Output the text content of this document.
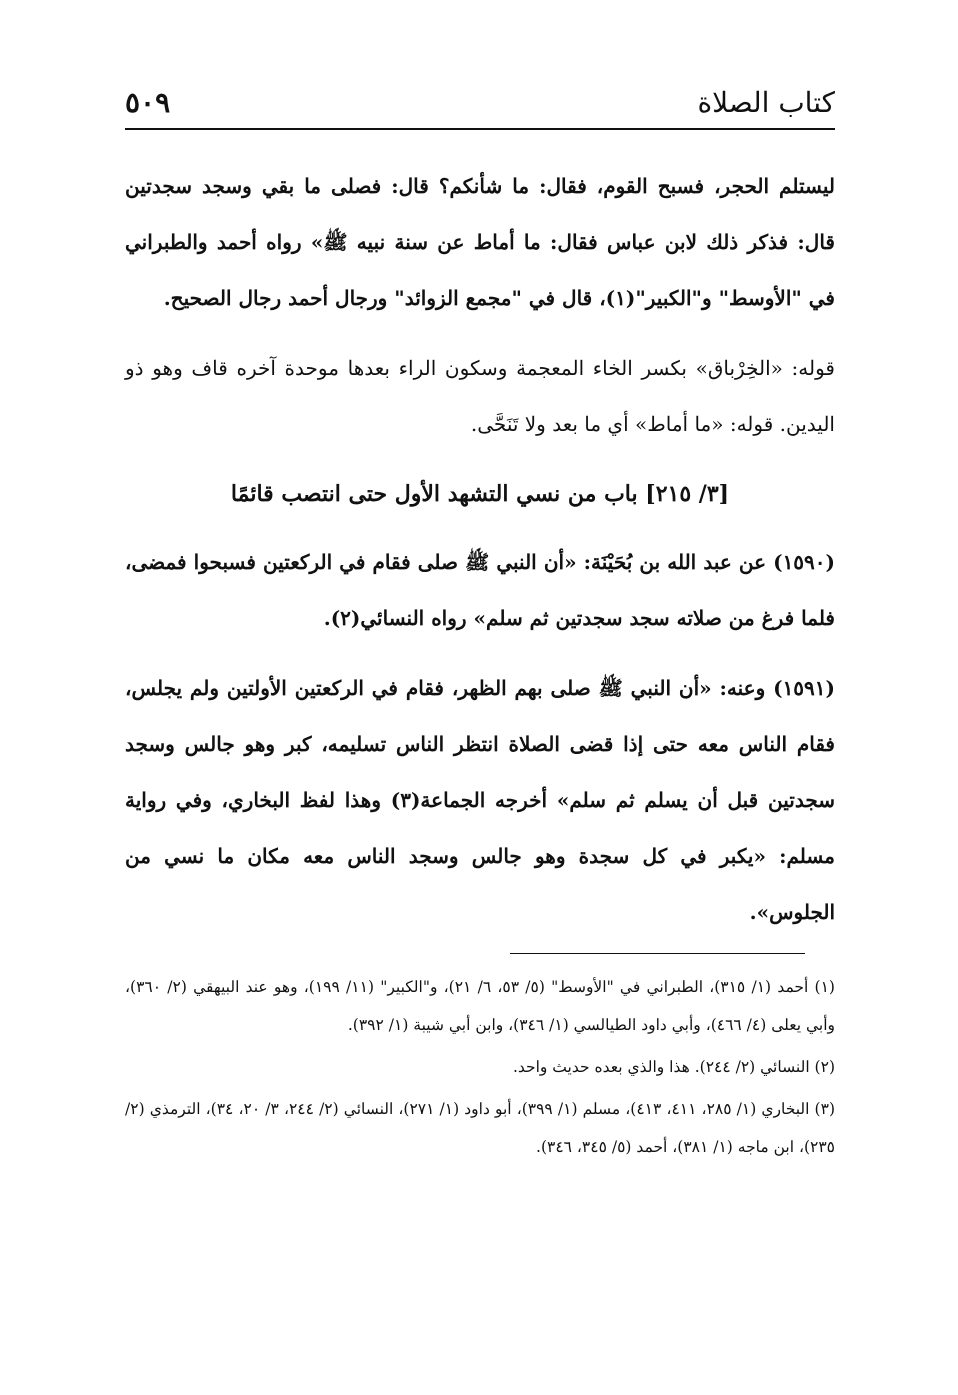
كتاب الصلاة
٥٠٩

ليستلم الحجر، فسبح القوم، فقال: ما شأنكم؟ قال: فصلى ما بقي وسجد سجدتين قال: فذكر ذلك لابن عباس فقال: ما أماط عن سنة نبيه ﷺ» رواه أحمد والطبراني في "الأوسط" و"الكبير"(١)، قال في "مجمع الزوائد" ورجال أحمد رجال الصحيح.

قوله: «الخِرْباق» بكسر الخاء المعجمة وسكون الراء بعدها موحدة آخره قاف وهو ذو اليدين. قوله: «ما أماط» أي ما بعد ولا تَنَحَّى.

[٣/ ٢١٥] باب من نسي التشهد الأول حتى انتصب قائمًا

(١٥٩٠) عن عبد الله بن بُحَيْنَة: «أن النبي ﷺ صلى فقام في الركعتين فسبحوا فمضى، فلما فرغ من صلاته سجد سجدتين ثم سلم» رواه النسائي(٢).

(١٥٩١) وعنه: «أن النبي ﷺ صلى بهم الظهر، فقام في الركعتين الأولتين ولم يجلس، فقام الناس معه حتى إذا قضى الصلاة انتظر الناس تسليمه، كبر وهو جالس وسجد سجدتين قبل أن يسلم ثم سلم» أخرجه الجماعة(٣) وهذا لفظ البخاري، وفي رواية مسلم: «يكبر في كل سجدة وهو جالس وسجد الناس معه مكان ما نسي من الجلوس».

(١) أحمد (١/ ٣١٥)، الطبراني في "الأوسط" (٥/ ٥٣، ٦/ ٢١)، و"الكبير" (١١/ ١٩٩)، وهو عند البيهقي (٢/ ٣٦٠)، وأبي يعلى (٤/ ٤٦٦)، وأبي داود الطيالسي (١/ ٣٤٦)، وابن أبي شيبة (١/ ٣٩٢).

(٢) النسائي (٢/ ٢٤٤). هذا والذي بعده حديث واحد.

(٣) البخاري (١/ ٢٨٥، ٤١١، ٤١٣)، مسلم (١/ ٣٩٩)، أبو داود (١/ ٢٧١)، النسائي (٢/ ٢٤٤، ٣/ ٢٠، ٣٤)، الترمذي (٢/ ٢٣٥)، ابن ماجه (١/ ٣٨١)، أحمد (٥/ ٣٤٥، ٣٤٦).
